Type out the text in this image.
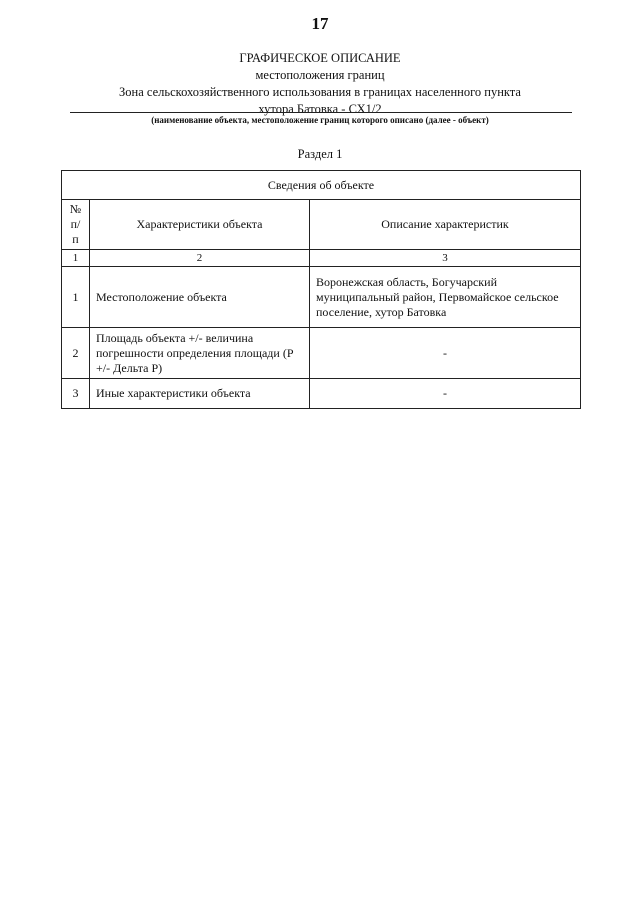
17
ГРАФИЧЕСКОЕ ОПИСАНИЕ
местоположения границ
Зона сельскохозяйственного использования в границах населенного пункта
хутора Батовка - СХ1/2
(наименование объекта, местоположение границ которого описано (далее - объект)
Раздел 1
Сведения об объекте		
№ п/п	Характеристики объекта	Описание характеристик
1	2	3
1	Местоположение объекта	Воронежская область, Богучарский муниципальный район, Первомайское сельское поселение, хутор Батовка

2	Площадь объекта +/- величина погрешности определения площади (P +/- Дельта P)	-
3	Иные характеристики объекта	-
